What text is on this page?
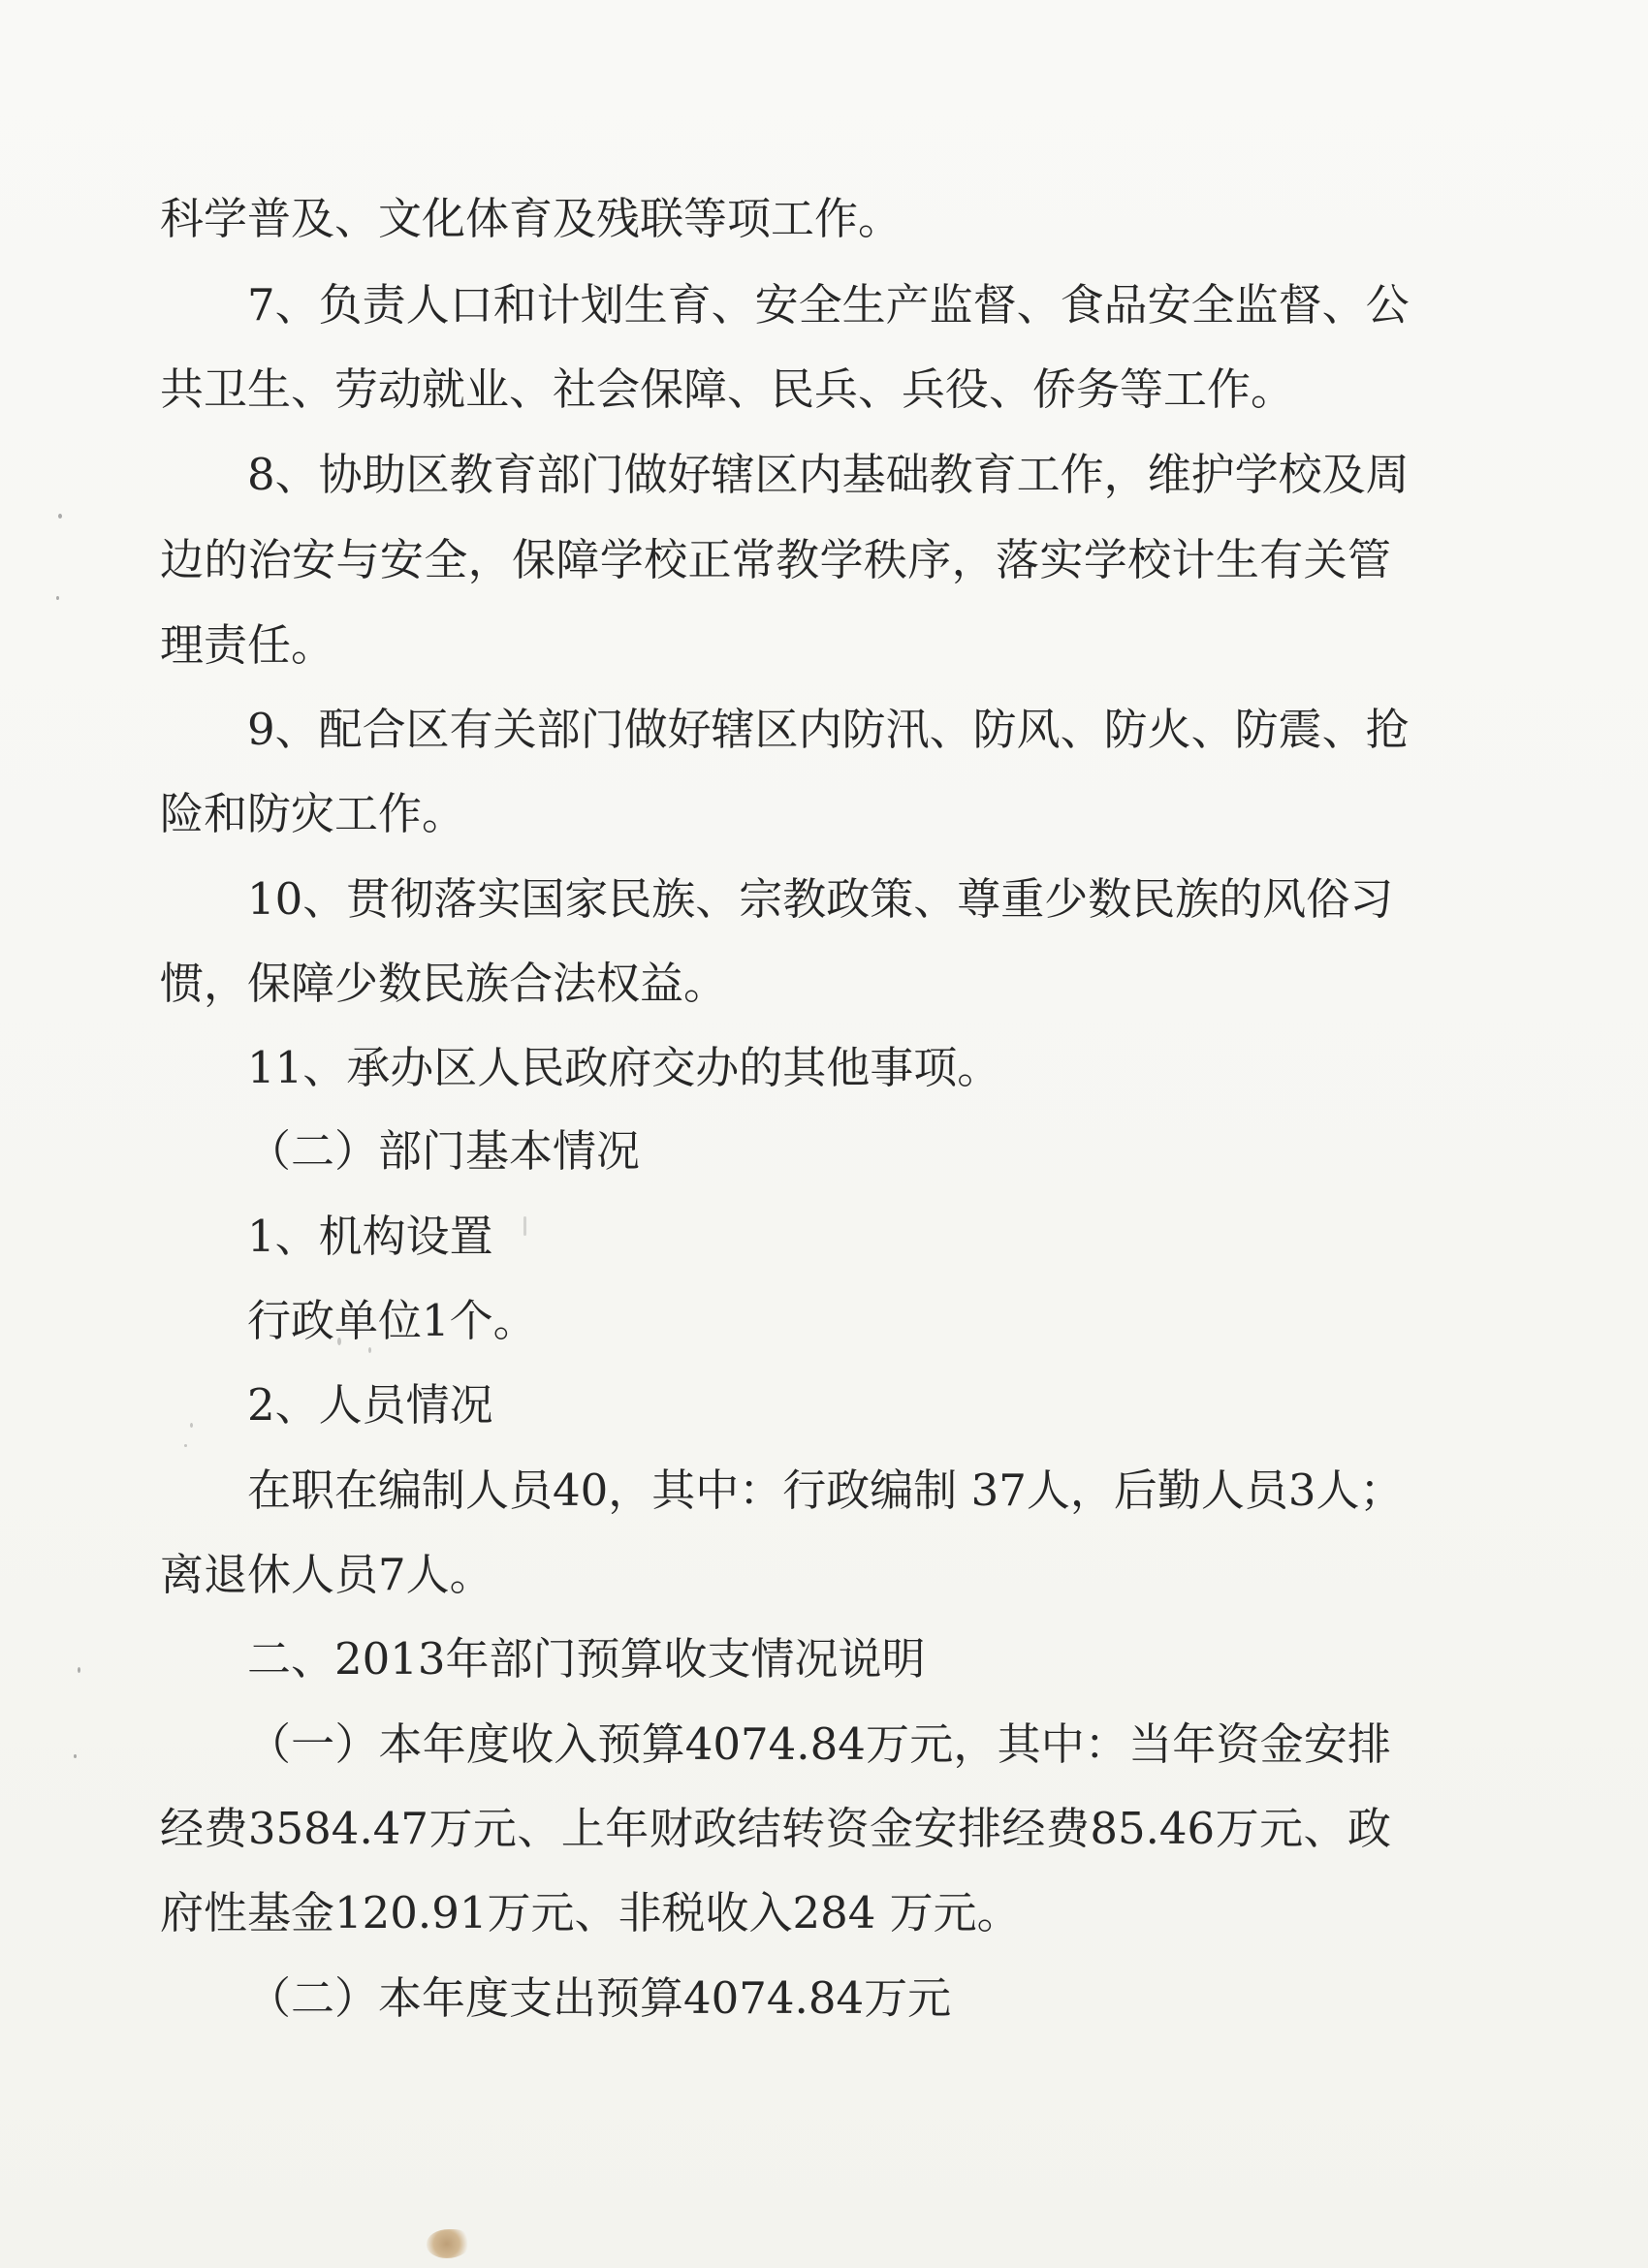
科学普及、文化体育及残联等项工作。
7、负责人口和计划生育、安全生产监督、食品安全监督、公
共卫生、劳动就业、社会保障、民兵、兵役、侨务等工作。
8、协助区教育部门做好辖区内基础教育工作，维护学校及周
边的治安与安全，保障学校正常教学秩序，落实学校计生有关管
理责任。
9、配合区有关部门做好辖区内防汛、防风、防火、防震、抢
险和防灾工作。
10、贯彻落实国家民族、宗教政策、尊重少数民族的风俗习
惯，保障少数民族合法权益。
11、承办区人民政府交办的其他事项。
（二）部门基本情况
1、机构设置
行政单位1个。
2、人员情况
在职在编制人员40，其中：行政编制 37人，后勤人员3人；
离退休人员7人。
二、2013年部门预算收支情况说明
（一）本年度收入预算4074.84万元，其中：当年资金安排
经费3584.47万元、上年财政结转资金安排经费85.46万元、政
府性基金120.91万元、非税收入284 万元。
（二）本年度支出预算4074.84万元
